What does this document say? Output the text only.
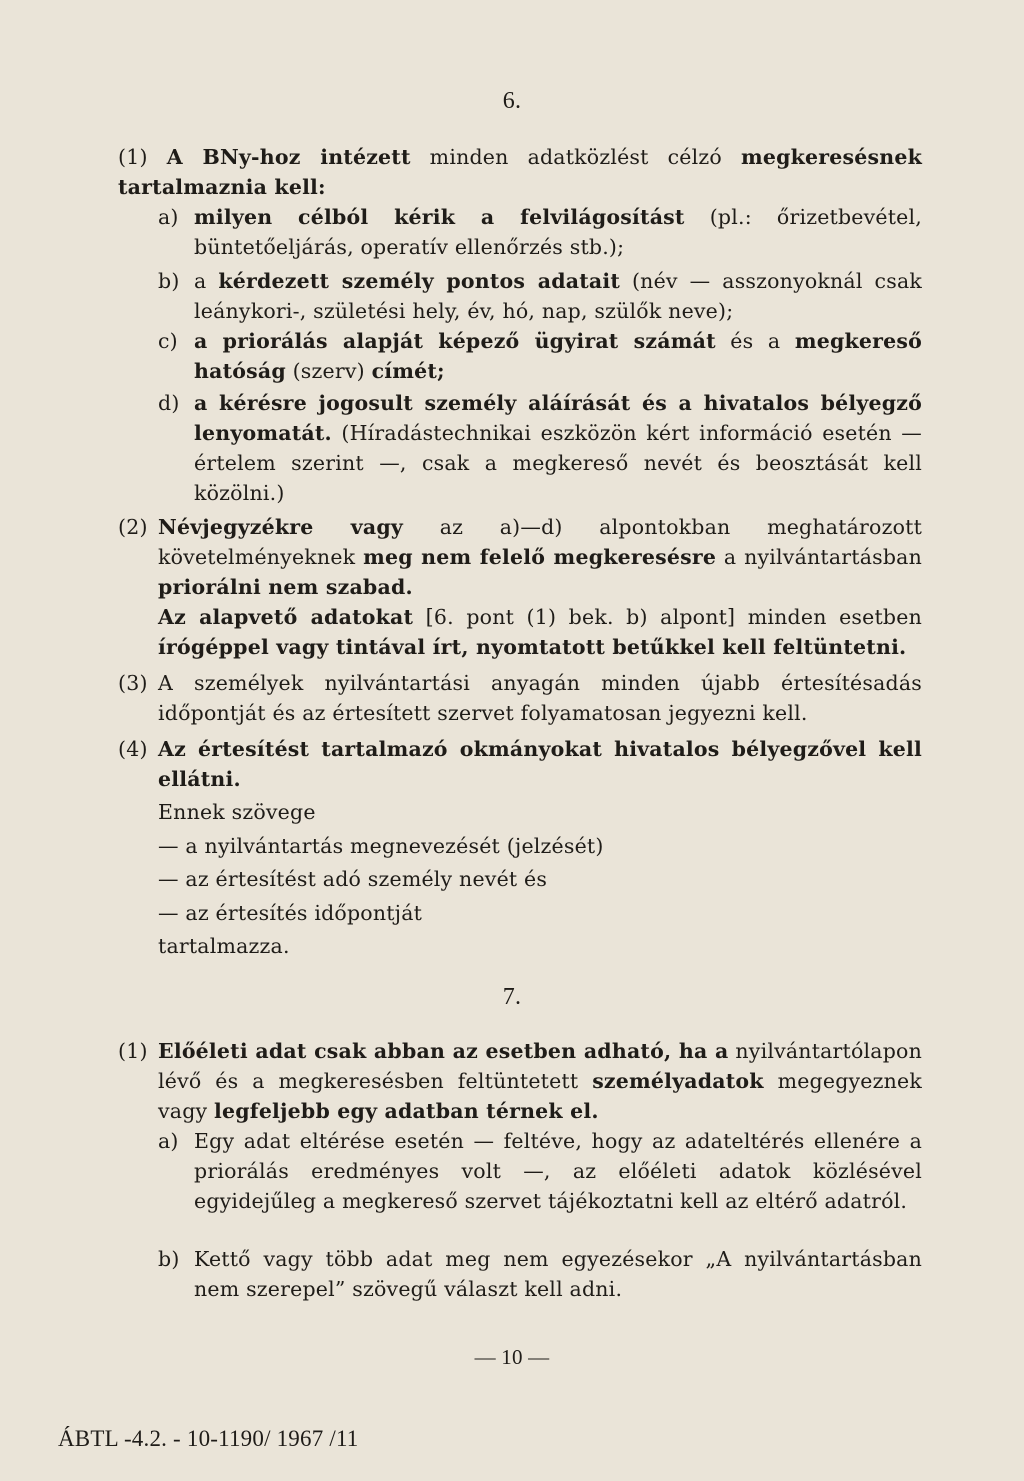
6.
(1) A BNy-hoz intézett minden adatközlést célzó megkeresésnek tartalmaznia kell:
a) milyen célból kérik a felvilágosítást (pl.: őrizetbevétel, büntetőeljárás, operatív ellenőrzés stb.);
b) a kérdezett személy pontos adatait (név — asszonyoknál csak leánykori-, születési hely, év, hó, nap, szülők neve);
c) a priorálás alapját képező ügyirat számát és a megkereső hatóság (szerv) címét;
d) a kérésre jogosult személy aláírását és a hivatalos bélyegző lenyomatát. (Híradástechnikai eszközön kért információ esetén — értelem szerint —, csak a megkereső nevét és beosztását kell közölni.)
(2) Névjegyzékre vagy az a)—d) alpontokban meghatározott követelményeknek meg nem felelő megkeresésre a nyilvántartásban priorálni nem szabad.
Az alapvető adatokat [6. pont (1) bek. b) alpont] minden esetben írógéppel vagy tintával írt, nyomtatott betűkkel kell feltüntetni.
(3) A személyek nyilvántartási anyagán minden újabb értesítésadás időpontját és az értesített szervet folyamatosan jegyezni kell.
(4) Az értesítést tartalmazó okmányokat hivatalos bélyegzővel kell ellátni.
Ennek szövege
— a nyilvántartás megnevezését (jelzését)
— az értesítést adó személy nevét és
— az értesítés időpontját
tartalmazza.
7.
(1) Előéleti adat csak abban az esetben adható, ha a nyilvántartólapon lévő és a megkeresésben feltüntetett személyadatok megegyeznek vagy legfeljebb egy adatban térnek el.
a) Egy adat eltérése esetén — feltéve, hogy az adateltérés ellenére a priorálás eredményes volt —, az előéleti adatok közlésével egyidejűleg a megkereső szervet tájékoztatni kell az eltérő adatról.
b) Kettő vagy több adat meg nem egyezésekor „A nyilvántartásban nem szerepel” szövegű választ kell adni.
— 10 —
ÁBTL -4.2. - 10-1190/ 1967 /11
